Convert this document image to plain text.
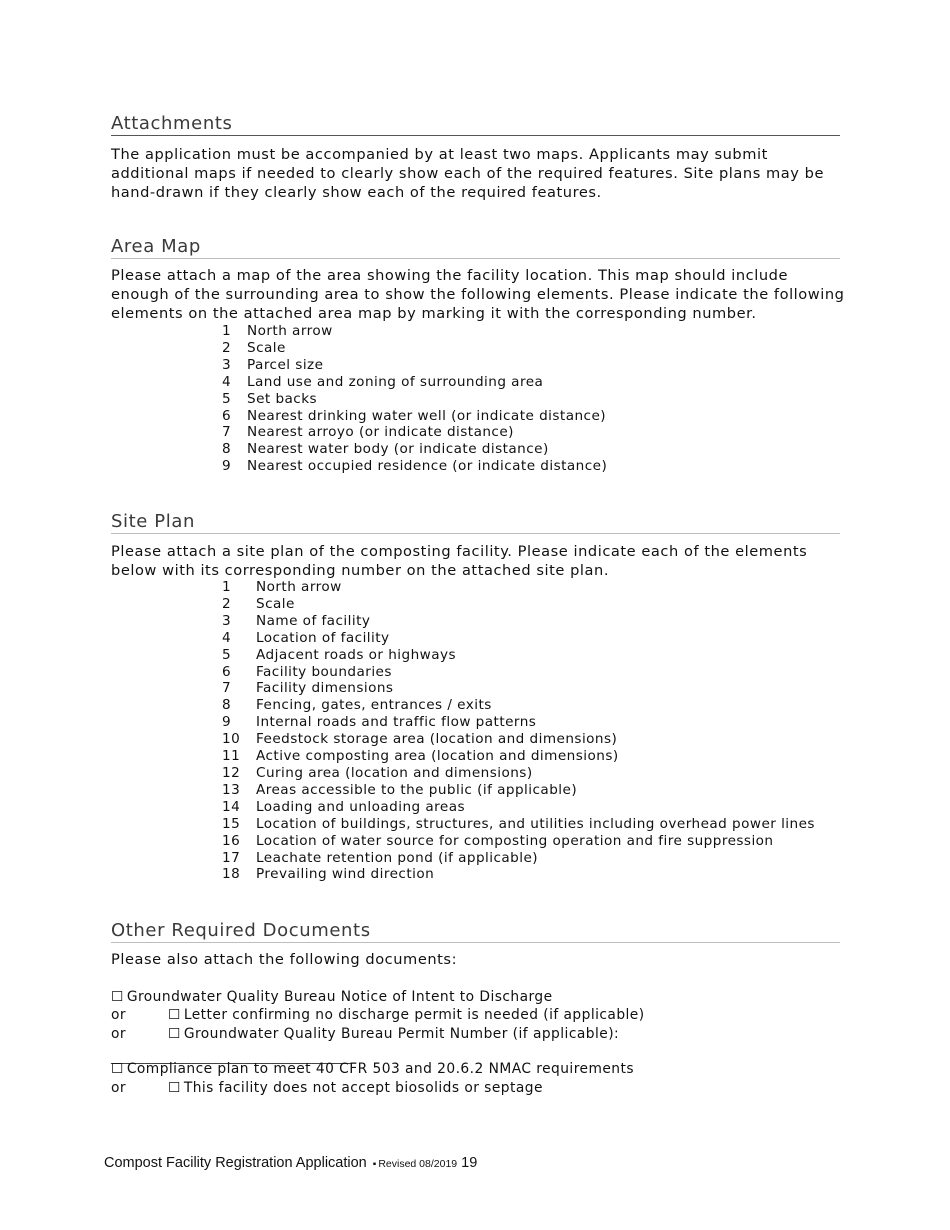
Attachments

The application must be accompanied by at least two maps. Applicants may submit additional maps if needed to clearly show each of the required features. Site plans may be hand-drawn if they clearly show each of the required features.

Area Map

Please attach a map of the area showing the facility location. This map should include enough of the surrounding area to show the following elements. Please indicate the following elements on the attached area map by marking it with the corresponding number.

1	North arrow
2	Scale
3	Parcel size
4	Land use and zoning of surrounding area
5	Set backs
6	Nearest drinking water well (or indicate distance)
7	Nearest arroyo (or indicate distance)
8	Nearest water body (or indicate distance)
9	Nearest occupied residence (or indicate distance)
Site Plan

Please attach a site plan of the composting facility. Please indicate each of the elements below with its corresponding number on the attached site plan.

1	North arrow
2	Scale
3	Name of facility
4	Location of facility
5	Adjacent roads or highways
6	Facility boundaries
7	Facility dimensions
8	Fencing, gates, entrances / exits
9	Internal roads and traffic flow patterns
10	Feedstock storage area (location and dimensions)
11	Active composting area (location and dimensions)
12	Curing area (location and dimensions)
13	Areas accessible to the public (if applicable)
14	Loading and unloading areas
15	Location of buildings, structures, and utilities including overhead power lines
16	Location of water source for composting operation and fire suppression
17	Leachate retention pond (if applicable)
18	Prevailing wind direction
Other Required Documents

Please also attach the following documents:

☐ Groundwater Quality Bureau Notice of Intent to Discharge
or	☐ Letter confirming no discharge permit is needed (if applicable)
or	☐ Groundwater Quality Bureau Permit Number (if applicable):
____________________________________
☐ Compliance plan to meet 40 CFR 503 and 20.6.2 NMAC requirements
or	☐ This facility does not accept biosolids or septage
Compost Facility Registration Application ▪ Revised 08/2019 19
